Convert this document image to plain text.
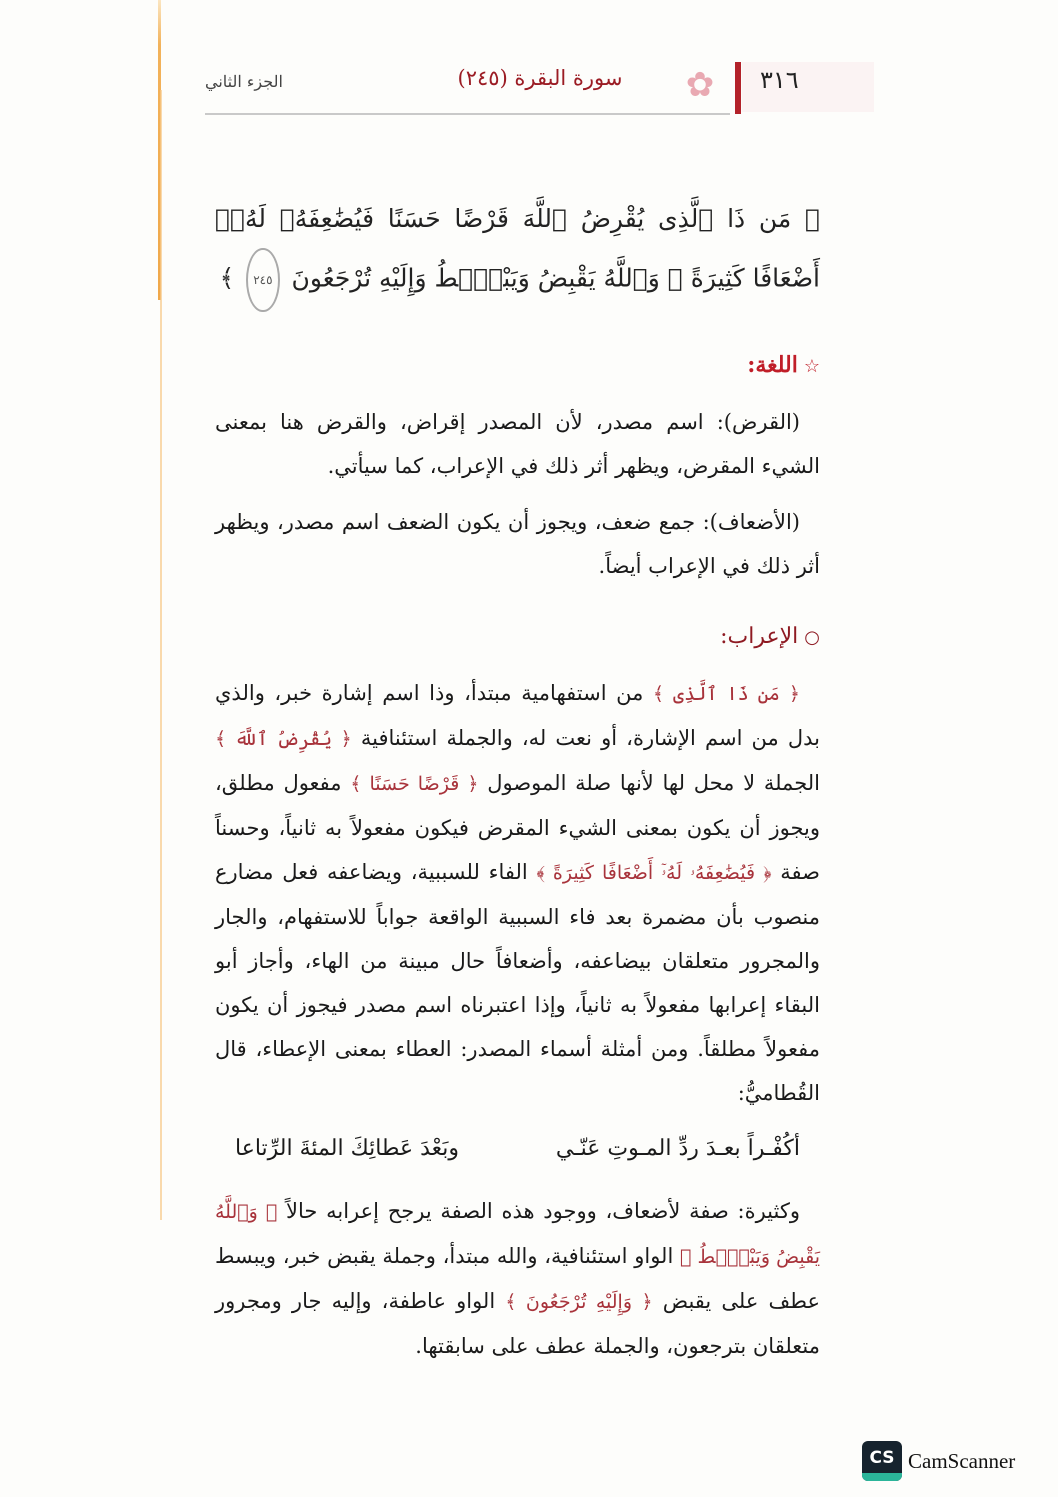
٣١٦
✿
سورة البقرة (٢٤٥)
الجزء الثاني

﴿ مَن ذَا ٱلَّذِى يُقْرِضُ ٱللَّهَ قَرْضًا حَسَنًا فَيُضَٰعِفَهُۥ لَهُۥٓ أَضْعَافًا كَثِيرَةً ۚ وَٱللَّهُ يَقْبِضُ وَيَبْصُۜطُ وَإِلَيْهِ تُرْجَعُونَ ٢٤٥ ﴾

☆اللغة:

(القرض): اسم مصدر، لأن المصدر إقراض، والقرض هنا بمعنى الشيء المقرض، ويظهر أثر ذلك في الإعراب، كما سيأتي.

(الأضعاف): جمع ضعف، ويجوز أن يكون الضعف اسم مصدر، ويظهر أثر ذلك في الإعراب أيضاً.

○الإعراب:

﴿ مَن ذَا ٱلَّذِى ﴾ من استفهامية مبتدأ، وذا اسم إشارة خبر، والذي بدل من اسم الإشارة، أو نعت له، والجملة استئنافية ﴿ يُقْرِضُ ٱللَّهَ ﴾ الجملة لا محل لها لأنها صلة الموصول ﴿ قَرْضًا حَسَنًا ﴾ مفعول مطلق، ويجوز أن يكون بمعنى الشيء المقرض فيكون مفعولاً به ثانياً، وحسناً صفة ﴿ فَيُضَٰعِفَهُۥ لَهُۥٓ أَضْعَافًا كَثِيرَةً ﴾ الفاء للسببية، ويضاعفه فعل مضارع منصوب بأن مضمرة بعد فاء السببية الواقعة جواباً للاستفهام، والجار والمجرور متعلقان بيضاعفه، وأضعافاً حال مبينة من الهاء، وأجاز أبو البقاء إعرابها مفعولاً به ثانياً، وإذا اعتبرناه اسم مصدر فيجوز أن يكون مفعولاً مطلقاً. ومن أمثلة أسماء المصدر: العطاء بمعنى الإعطاء، قال القُطاميُّ:

أكُفْـراً بعـدَ ردِّ المـوتِ عَنّـي
وبَعْدَ عَطائِكَ المئةَ الرِّتاعا

وكثيرة: صفة لأضعاف، ووجود هذه الصفة يرجح إعرابه حالاً ﴿ وَٱللَّهُ يَقْبِضُ وَيَبْصُۜطُ ﴾ الواو استئنافية، والله مبتدأ، وجملة يقبض خبر، ويبسط عطف على يقبض ﴿ وَإِلَيْهِ تُرْجَعُونَ ﴾ الواو عاطفة، وإليه جار ومجرور متعلقان بترجعون، والجملة عطف على سابقتها.

CS CamScanner
